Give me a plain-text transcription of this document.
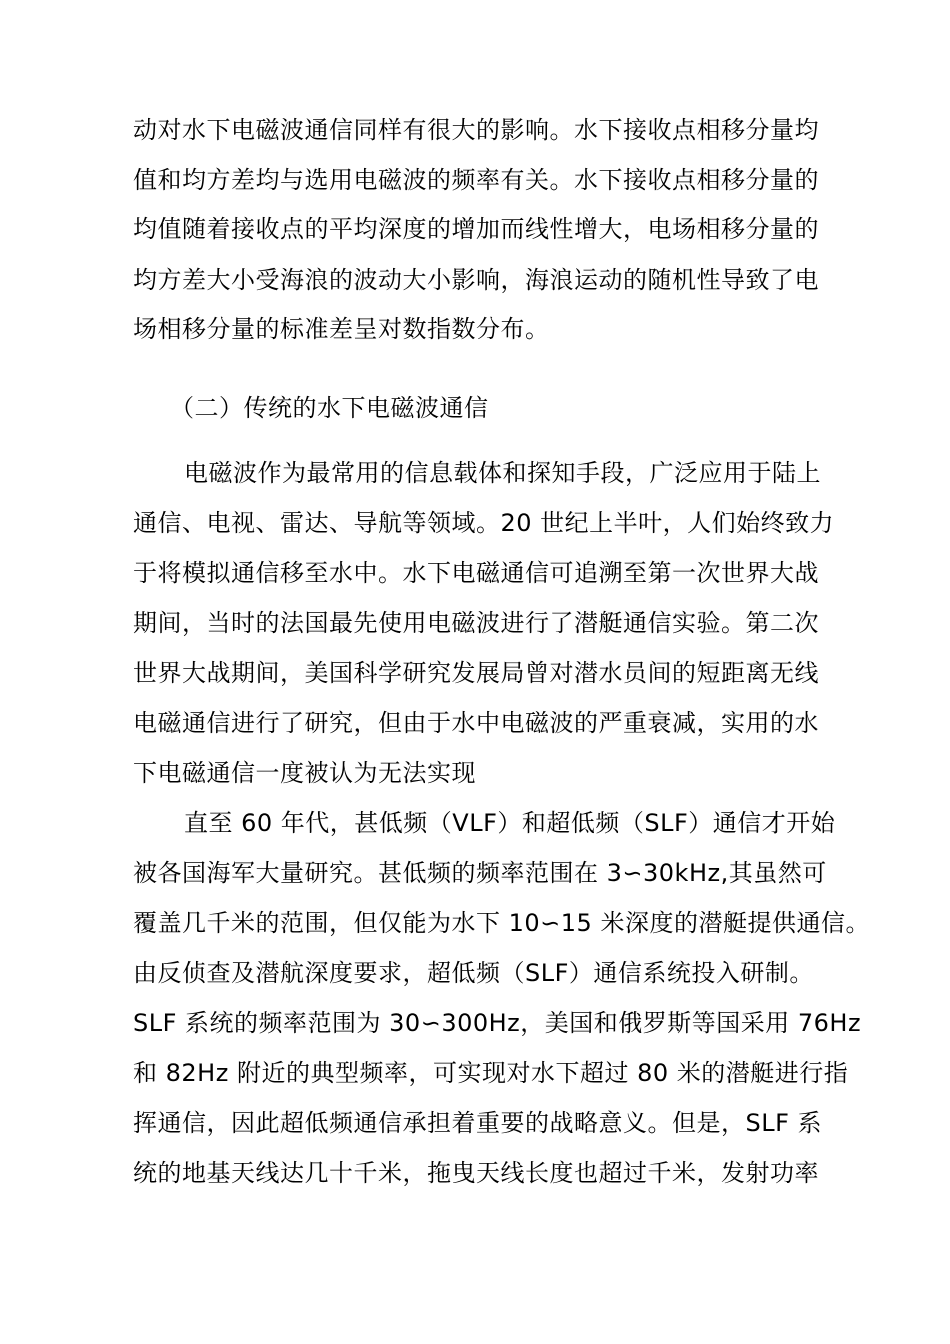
动对水下电磁波通信同样有很大的影响。水下接收点相移分量均
值和均方差均与选用电磁波的频率有关。水下接收点相移分量的
均值随着接收点的平均深度的增加而线性增大，电场相移分量的
均方差大小受海浪的波动大小影响，海浪运动的随机性导致了电
场相移分量的标准差呈对数指数分布。
（二）传统的水下电磁波通信
电磁波作为最常用的信息载体和探知手段，广泛应用于陆上
通信、电视、雷达、导航等领域。20 世纪上半叶，人们始终致力
于将模拟通信移至水中。水下电磁通信可追溯至第一次世界大战
期间，当时的法国最先使用电磁波进行了潜艇通信实验。第二次
世界大战期间，美国科学研究发展局曾对潜水员间的短距离无线
电磁通信进行了研究，但由于水中电磁波的严重衰减，实用的水
下电磁通信一度被认为无法实现
直至 60 年代，甚低频（VLF）和超低频（SLF）通信才开始
被各国海军大量研究。甚低频的频率范围在 3∽30kHz,其虽然可
覆盖几千米的范围，但仅能为水下 10∽15 米深度的潜艇提供通信。
由反侦查及潜航深度要求，超低频（SLF）通信系统投入研制。
SLF 系统的频率范围为 30∽300Hz，美国和俄罗斯等国采用 76Hz
和 82Hz 附近的典型频率，可实现对水下超过 80 米的潜艇进行指
挥通信，因此超低频通信承担着重要的战略意义。但是，SLF 系
统的地基天线达几十千米，拖曳天线长度也超过千米，发射功率
